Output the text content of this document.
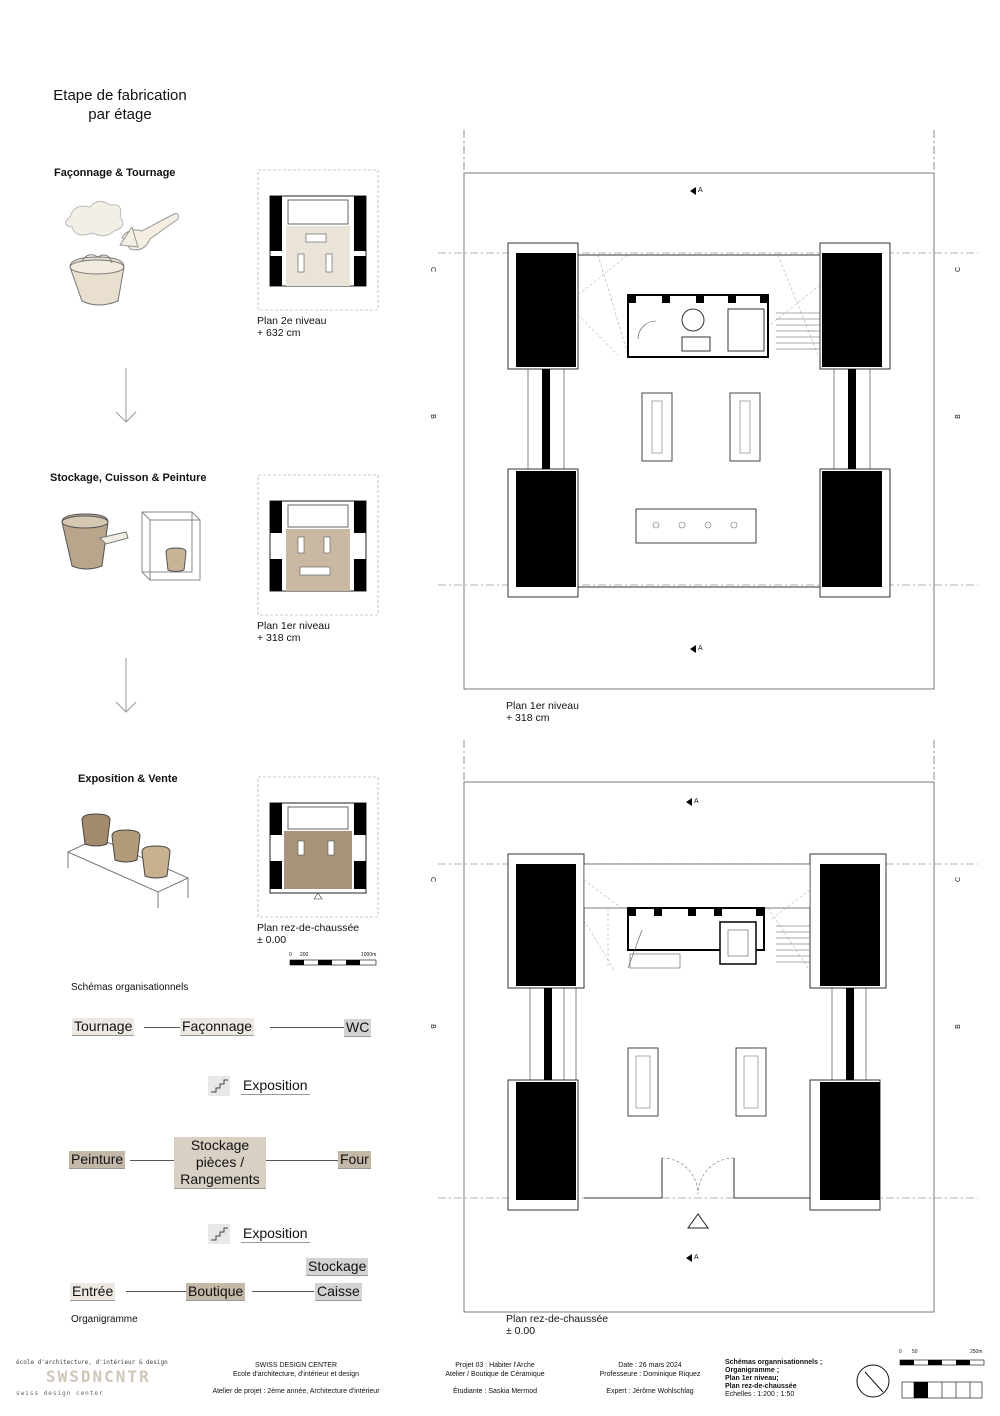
Etape de fabrication
par étage
Façonnage & Tournage
Stockage, Cuisson & Peinture
Exposition & Vente
Plan 2e niveau
+ 632 cm
Plan 1er niveau
+ 318 cm
Plan rez-de-chaussée
± 0.00
0 200	1000m
Schémas organisationnels
Tournage	Façonnage	WC
Exposition
Peinture
Stockage
pièces /
Rangements
Four
Exposition
Entrée	Boutique
Stockage
Caisse
Organigramme
A
A
C	C
B	B
Plan 1er niveau
+ 318 cm
A
A
C	C
B	B
Plan rez-de-chaussée
± 0.00
école d'architecture, d'intérieur & design
SWSDNCNTR
swiss design center
SWISS DESIGN CENTER
Ecole d'architecture, d'intérieur et design
Atelier de projet : 2ème année, Architecture d'intérieur
Projet 03 : Habiter l'Arche
Atelier / Boutique de Céramique
Étudiante : Saskia Mermod
Date : 26 mars 2024
Professeure : Dominique Riquez
Expert : Jérôme Wohlschlag
Schémas organnisationnels ;
Organigramme ;
Plan 1er niveau;
Plan rez-de-chaussée
Echelles : 1:200 ; 1:50
0 50	250m
